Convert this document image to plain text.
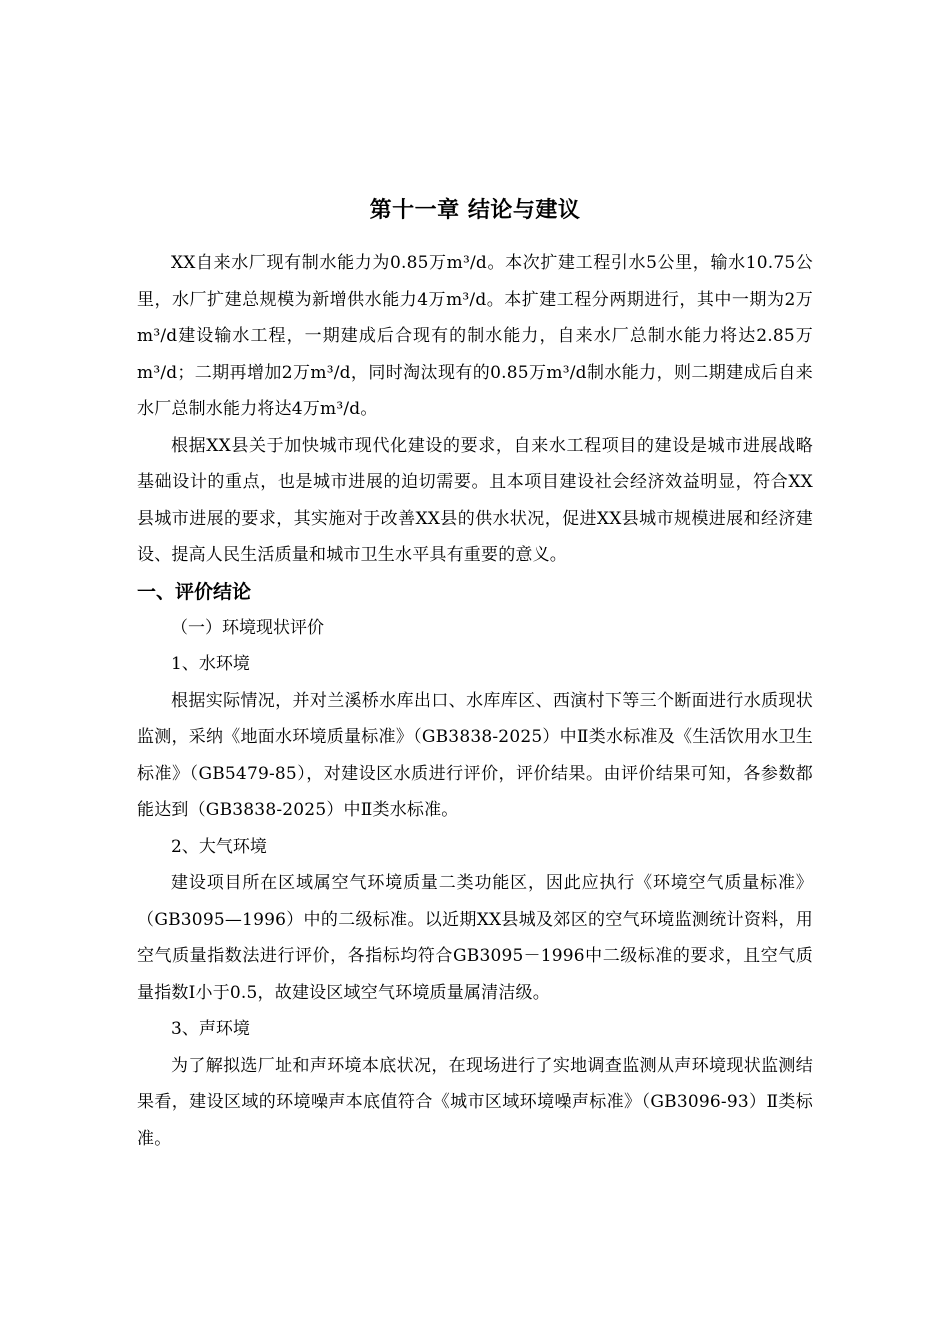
第十一章 结论与建议

XX自来水厂现有制水能力为0.85万m³/d。本次扩建工程引水5公里，输水10.75公里，水厂扩建总规模为新增供水能力4万m³/d。本扩建工程分两期进行，其中一期为2万m³/d建设输水工程，一期建成后合现有的制水能力，自来水厂总制水能力将达2.85万m³/d；二期再增加2万m³/d，同时淘汰现有的0.85万m³/d制水能力，则二期建成后自来水厂总制水能力将达4万m³/d。

根据XX县关于加快城市现代化建设的要求，自来水工程项目的建设是城市进展战略基础设计的重点，也是城市进展的迫切需要。且本项目建设社会经济效益明显，符合XX县城市进展的要求，其实施对于改善XX县的供水状况，促进XX县城市规模进展和经济建设、提高人民生活质量和城市卫生水平具有重要的意义。

一、评价结论
（一）环境现状评价
1、水环境

根据实际情况，并对兰溪桥水库出口、水库库区、西演村下等三个断面进行水质现状监测，采纳《地面水环境质量标准》（GB3838-2025）中Ⅱ类水标准及《生活饮用水卫生标准》（GB5479-85），对建设区水质进行评价，评价结果。由评价结果可知，各参数都能达到（GB3838-2025）中Ⅱ类水标准。

2、大气环境

建设项目所在区域属空气环境质量二类功能区，因此应执行《环境空气质量标准》（GB3095—1996）中的二级标准。以近期XX县城及郊区的空气环境监测统计资料，用空气质量指数法进行评价，各指标均符合GB3095－1996中二级标准的要求，且空气质量指数Ⅰ小于0.5，故建设区域空气环境质量属清洁级。

3、声环境

为了解拟选厂址和声环境本底状况，在现场进行了实地调查监测从声环境现状监测结果看，建设区域的环境噪声本底值符合《城市区域环境噪声标准》（GB3096-93）Ⅱ类标准。
